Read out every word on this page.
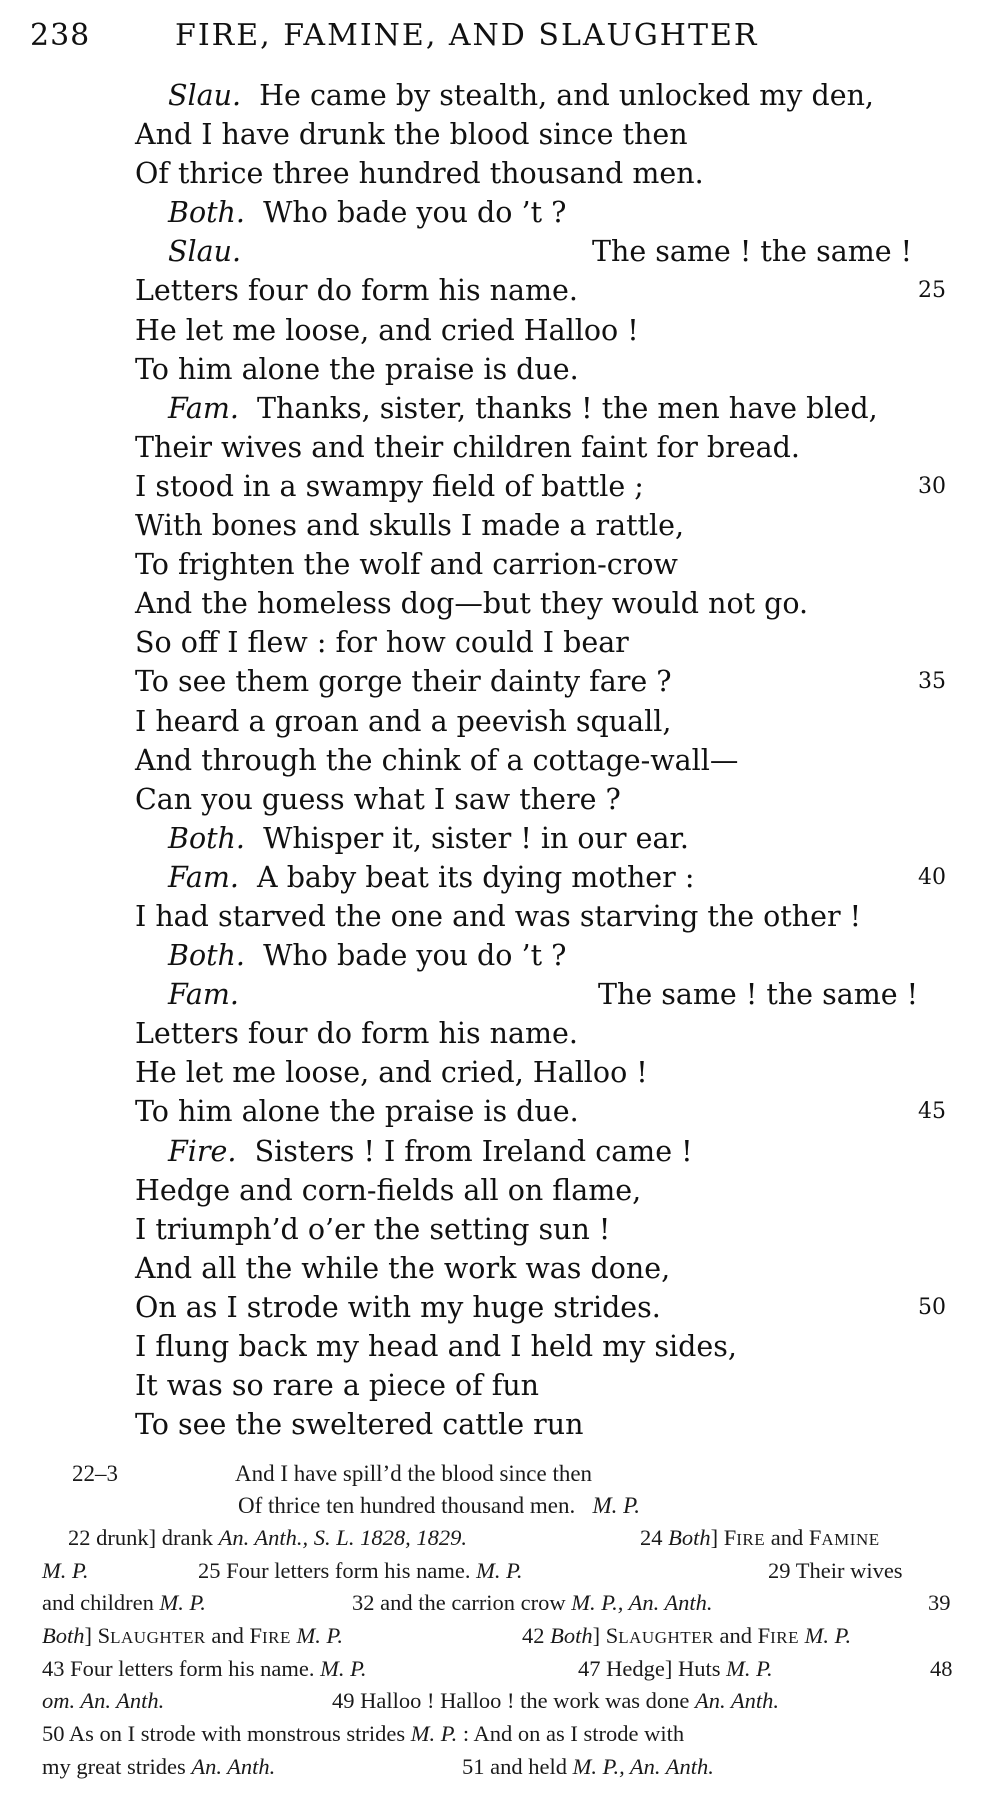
238	FIRE, FAMINE, AND SLAUGHTER
Slau. He came by stealth, and unlocked my den,
And I have drunk the blood since then
Of thrice three hundred thousand men.
Both. Who bade you do ’t ?
Slau.	The same ! the same !
Letters four do form his name.	25
He let me loose, and cried Halloo !
To him alone the praise is due.
Fam. Thanks, sister, thanks ! the men have bled,
Their wives and their children faint for bread.
I stood in a swampy field of battle ;	30
With bones and skulls I made a rattle,
To frighten the wolf and carrion-crow
And the homeless dog—but they would not go.
So off I flew : for how could I bear
To see them gorge their dainty fare ?	35
I heard a groan and a peevish squall,
And through the chink of a cottage-wall—
Can you guess what I saw there ?
Both. Whisper it, sister ! in our ear.
Fam. A baby beat its dying mother :	40
I had starved the one and was starving the other !
Both. Who bade you do ’t ?
Fam.	The same ! the same !
Letters four do form his name.
He let me loose, and cried, Halloo !
To him alone the praise is due.	45
Fire. Sisters ! I from Ireland came !
Hedge and corn-fields all on flame,
I triumph’d o’er the setting sun !
And all the while the work was done,
On as I strode with my huge strides.	50
I flung back my head and I held my sides,
It was so rare a piece of fun
To see the sweltered cattle run
22–3	And I have spill’d the blood since then
Of thrice ten hundred thousand men. M. P.
22 drunk] drank An. Anth., S. L. 1828, 1829.	24 Both] FIRE and FAMINE
M. P.	25 Four letters form his name. M. P.	29 Their wives
and children M. P.	32 and the carrion crow M. P., An. Anth.	39
Both] SLAUGHTER and FIRE M. P.	42 Both] SLAUGHTER and FIRE M. P.
43 Four letters form his name. M. P.	47 Hedge] Huts M. P.	48
om. An. Anth.	49 Halloo ! Halloo ! the work was done An. Anth.
50 As on I strode with monstrous strides M. P. : And on as I strode with
my great strides An. Anth.	51 and held M. P., An. Anth.
